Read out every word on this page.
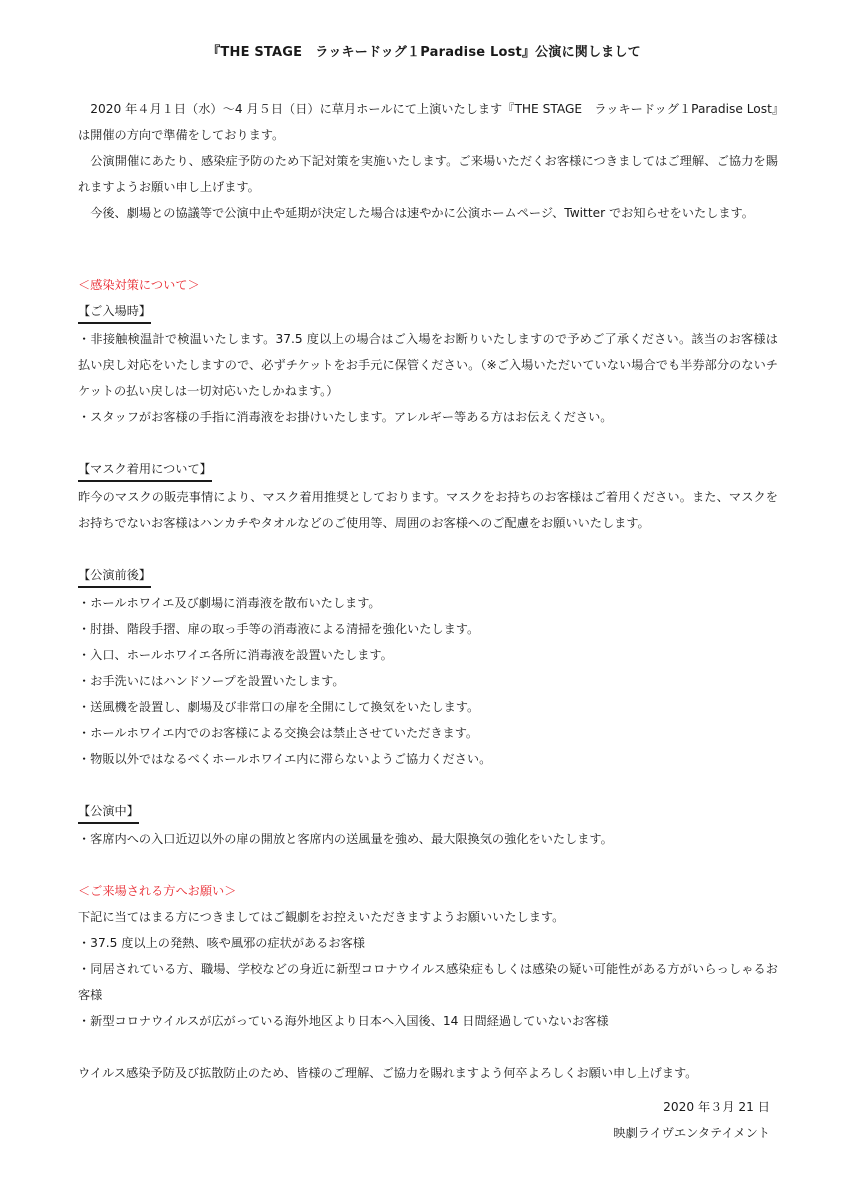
『THE STAGE　ラッキードッグ１Paradise Lost』公演に関しまして

2020 年４月１日（水）～4 月５日（日）に草月ホールにて上演いたします『THE STAGE　ラッキードッグ１Paradise Lost』は開催の方向で準備をしております。

公演開催にあたり、感染症予防のため下記対策を実施いたします。ご来場いただくお客様につきましてはご理解、ご協力を賜れますようお願い申し上げます。

今後、劇場との協議等で公演中止や延期が決定した場合は速やかに公演ホームページ、Twitter でお知らせをいたします。

＜感染対策について＞

【ご入場時】

・非接触検温計で検温いたします。37.5 度以上の場合はご入場をお断りいたしますので予めご了承ください。該当のお客様は払い戻し対応をいたしますので、必ずチケットをお手元に保管ください。（※ご入場いただいていない場合でも半券部分のないチケットの払い戻しは一切対応いたしかねます。）

・スタッフがお客様の手指に消毒液をお掛けいたします。アレルギー等ある方はお伝えください。

【マスク着用について】

昨今のマスクの販売事情により、マスク着用推奨としております。マスクをお持ちのお客様はご着用ください。また、マスクをお持ちでないお客様はハンカチやタオルなどのご使用等、周囲のお客様へのご配慮をお願いいたします。

【公演前後】

・ホールホワイエ及び劇場に消毒液を散布いたします。

・肘掛、階段手摺、扉の取っ手等の消毒液による清掃を強化いたします。

・入口、ホールホワイエ各所に消毒液を設置いたします。

・お手洗いにはハンドソープを設置いたします。

・送風機を設置し、劇場及び非常口の扉を全開にして換気をいたします。

・ホールホワイエ内でのお客様による交換会は禁止させていただきます。

・物販以外ではなるべくホールホワイエ内に滞らないようご協力ください。

【公演中】

・客席内への入口近辺以外の扉の開放と客席内の送風量を強め、最大限換気の強化をいたします。

＜ご来場される方へお願い＞

下記に当てはまる方につきましてはご観劇をお控えいただきますようお願いいたします。

・37.5 度以上の発熱、咳や風邪の症状があるお客様

・同居されている方、職場、学校などの身近に新型コロナウイルス感染症もしくは感染の疑い可能性がある方がいらっしゃるお客様

・新型コロナウイルスが広がっている海外地区より日本へ入国後、14 日間経過していないお客様

ウイルス感染予防及び拡散防止のため、皆様のご理解、ご協力を賜れますよう何卒よろしくお願い申し上げます。

2020 年３月 21 日
映劇ライヴエンタテイメント
